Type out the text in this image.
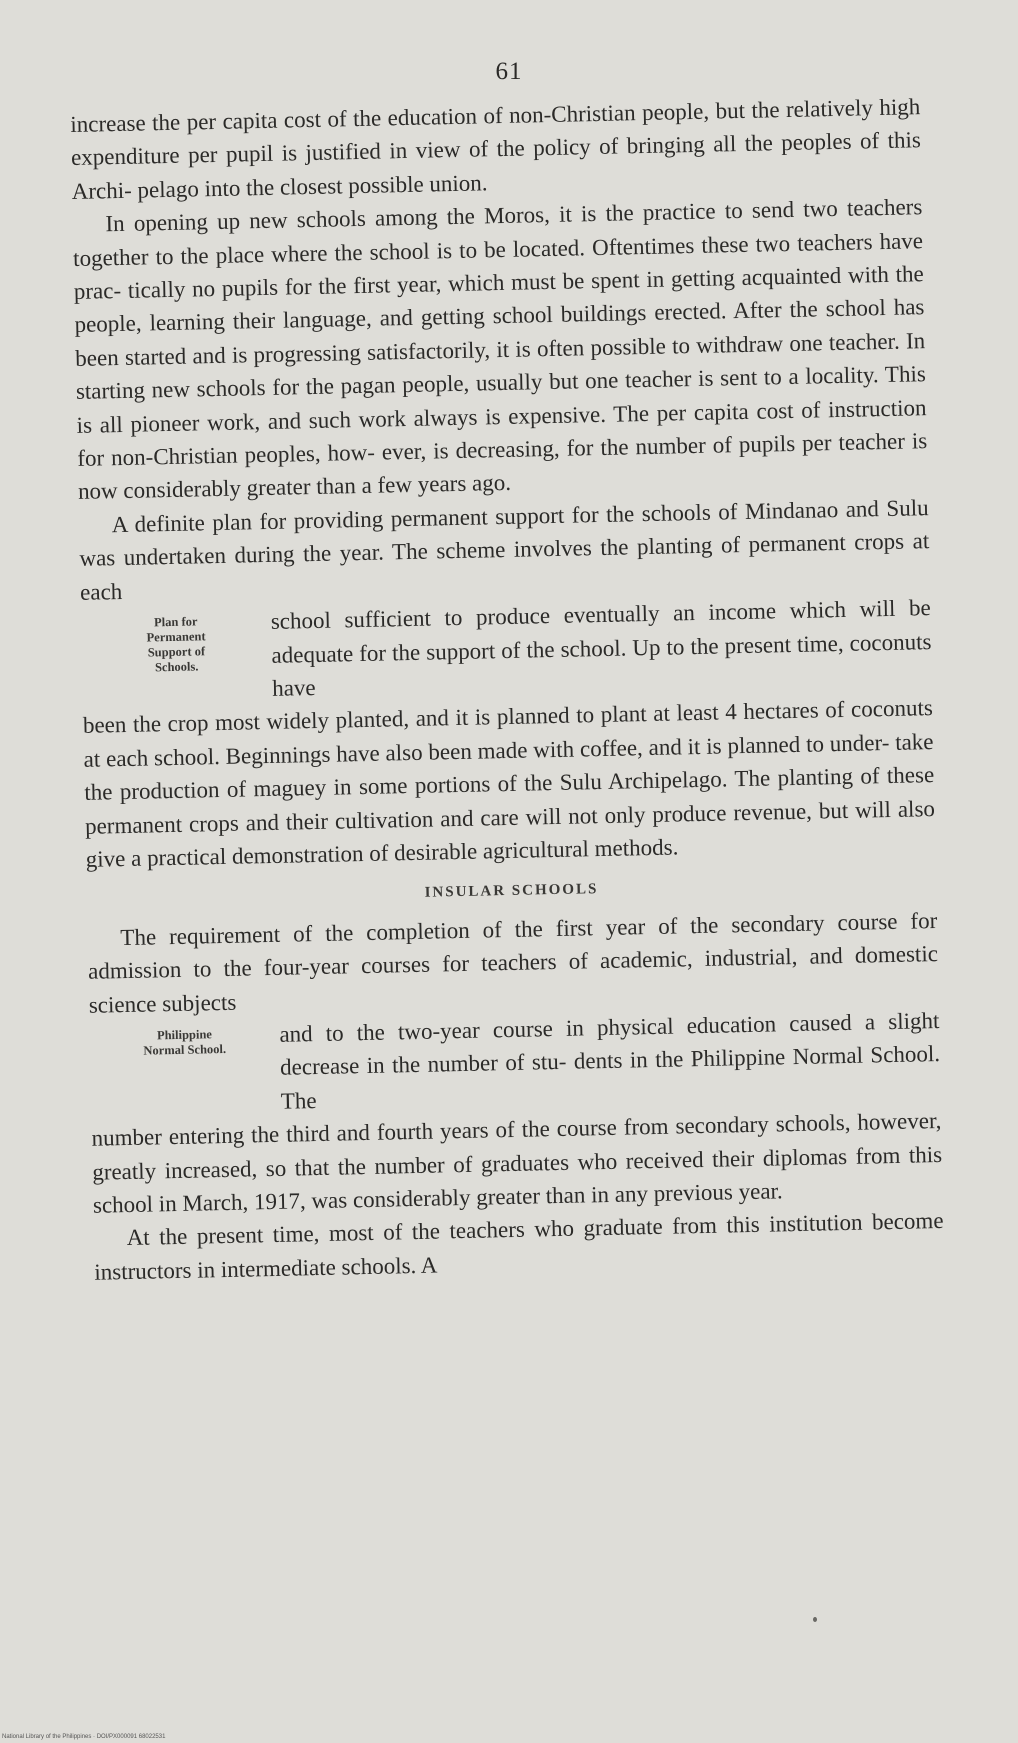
61

increase the per capita cost of the education of non-Christian people, but the relatively high expenditure per pupil is justified in view of the policy of bringing all the peoples of this Archi- pelago into the closest possible union.

In opening up new schools among the Moros, it is the practice to send two teachers together to the place where the school is to be located. Oftentimes these two teachers have prac- tically no pupils for the first year, which must be spent in getting acquainted with the people, learning their language, and getting school buildings erected. After the school has been started and is progressing satisfactorily, it is often possible to withdraw one teacher. In starting new schools for the pagan people, usually but one teacher is sent to a locality. This is all pioneer work, and such work always is expensive. The per capita cost of instruction for non-Christian peoples, how- ever, is decreasing, for the number of pupils per teacher is now considerably greater than a few years ago.

A definite plan for providing permanent support for the schools of Mindanao and Sulu was undertaken during the year. The scheme involves the planting of permanent crops at each

Plan for
Permanent
Support of
Schools.
school sufficient to produce eventually an income which will be adequate for the support of the school. Up to the present time, coconuts have

been the crop most widely planted, and it is planned to plant at least 4 hectares of coconuts at each school. Beginnings have also been made with coffee, and it is planned to under- take the production of maguey in some portions of the Sulu Archipelago. The planting of these permanent crops and their cultivation and care will not only produce revenue, but will also give a practical demonstration of desirable agricultural methods.

INSULAR SCHOOLS

The requirement of the completion of the first year of the secondary course for admission to the four-year courses for teachers of academic, industrial, and domestic science subjects

Philippine
Normal School.
and to the two-year course in physical education caused a slight decrease in the number of stu- dents in the Philippine Normal School. The

number entering the third and fourth years of the course from secondary schools, however, greatly increased, so that the number of graduates who received their diplomas from this school in March, 1917, was considerably greater than in any previous year.

At the present time, most of the teachers who graduate from this institution become instructors in intermediate schools. A

National Library of the Philippines · DOI/PX000091 68022531
